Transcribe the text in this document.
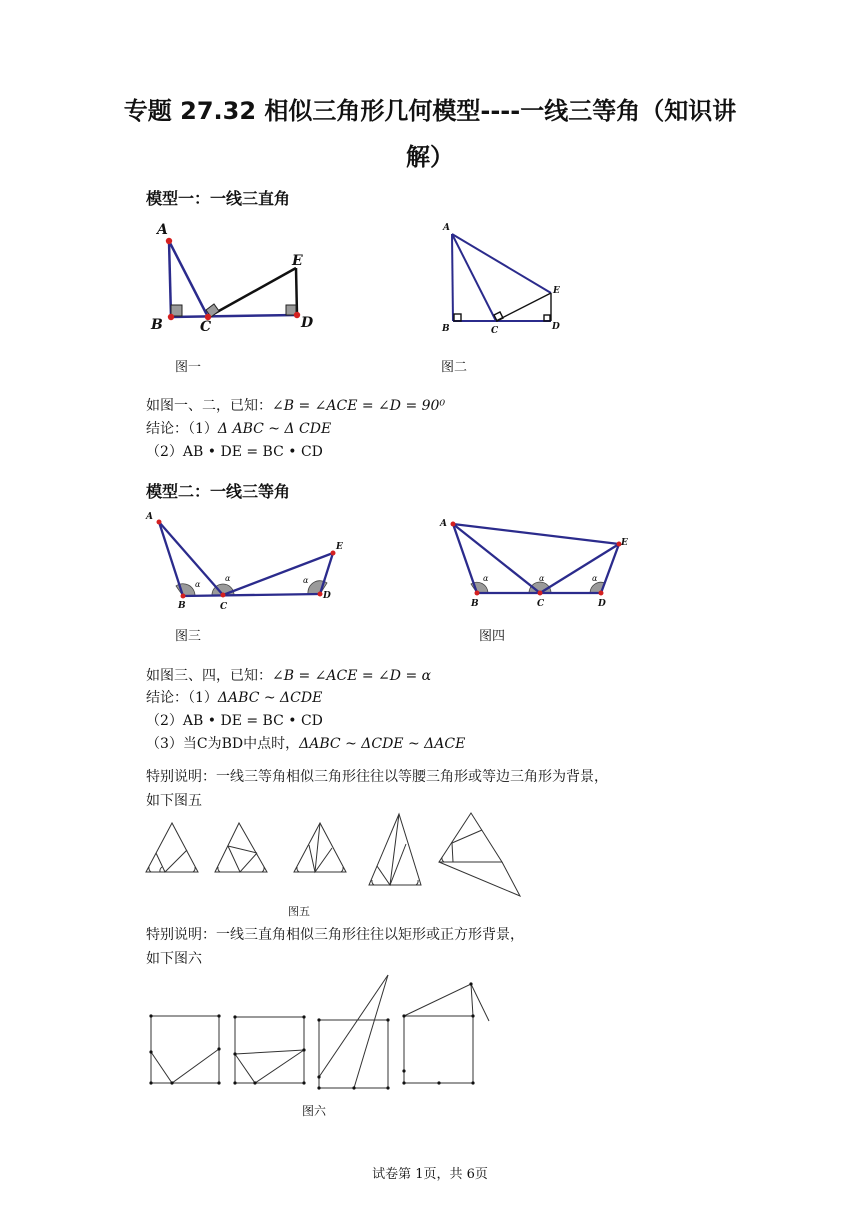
专题 27.32 相似三角形几何模型----一线三等角（知识讲
解）
模型一：一线三直角
A
B	C	D
E
图一
A
B	C	D
E
图二
如图一、二，已知：∠B = ∠ACE = ∠D = 90⁰
结论：（1）Δ ABC ~ Δ CDE
（2）AB • DE = BC • CD
模型二：一线三等角
A
B	C
D
E
α
α	α
图三
A
B	C	D
E
α	α	α
图四
如图三、四，已知：∠B = ∠ACE = ∠D = α
结论：（1）ΔABC ~ ΔCDE
（2）AB • DE = BC • CD
（3）当C为BD中点时，ΔABC ~ ΔCDE ~ ΔACE
特别说明：一线三等角相似三角形往往以等腰三角形或等边三角形为背景，
如下图五
图五
特别说明：一线三直角相似三角形往往以矩形或正方形背景，
如下图六
图六
试卷第 1页，共 6页
